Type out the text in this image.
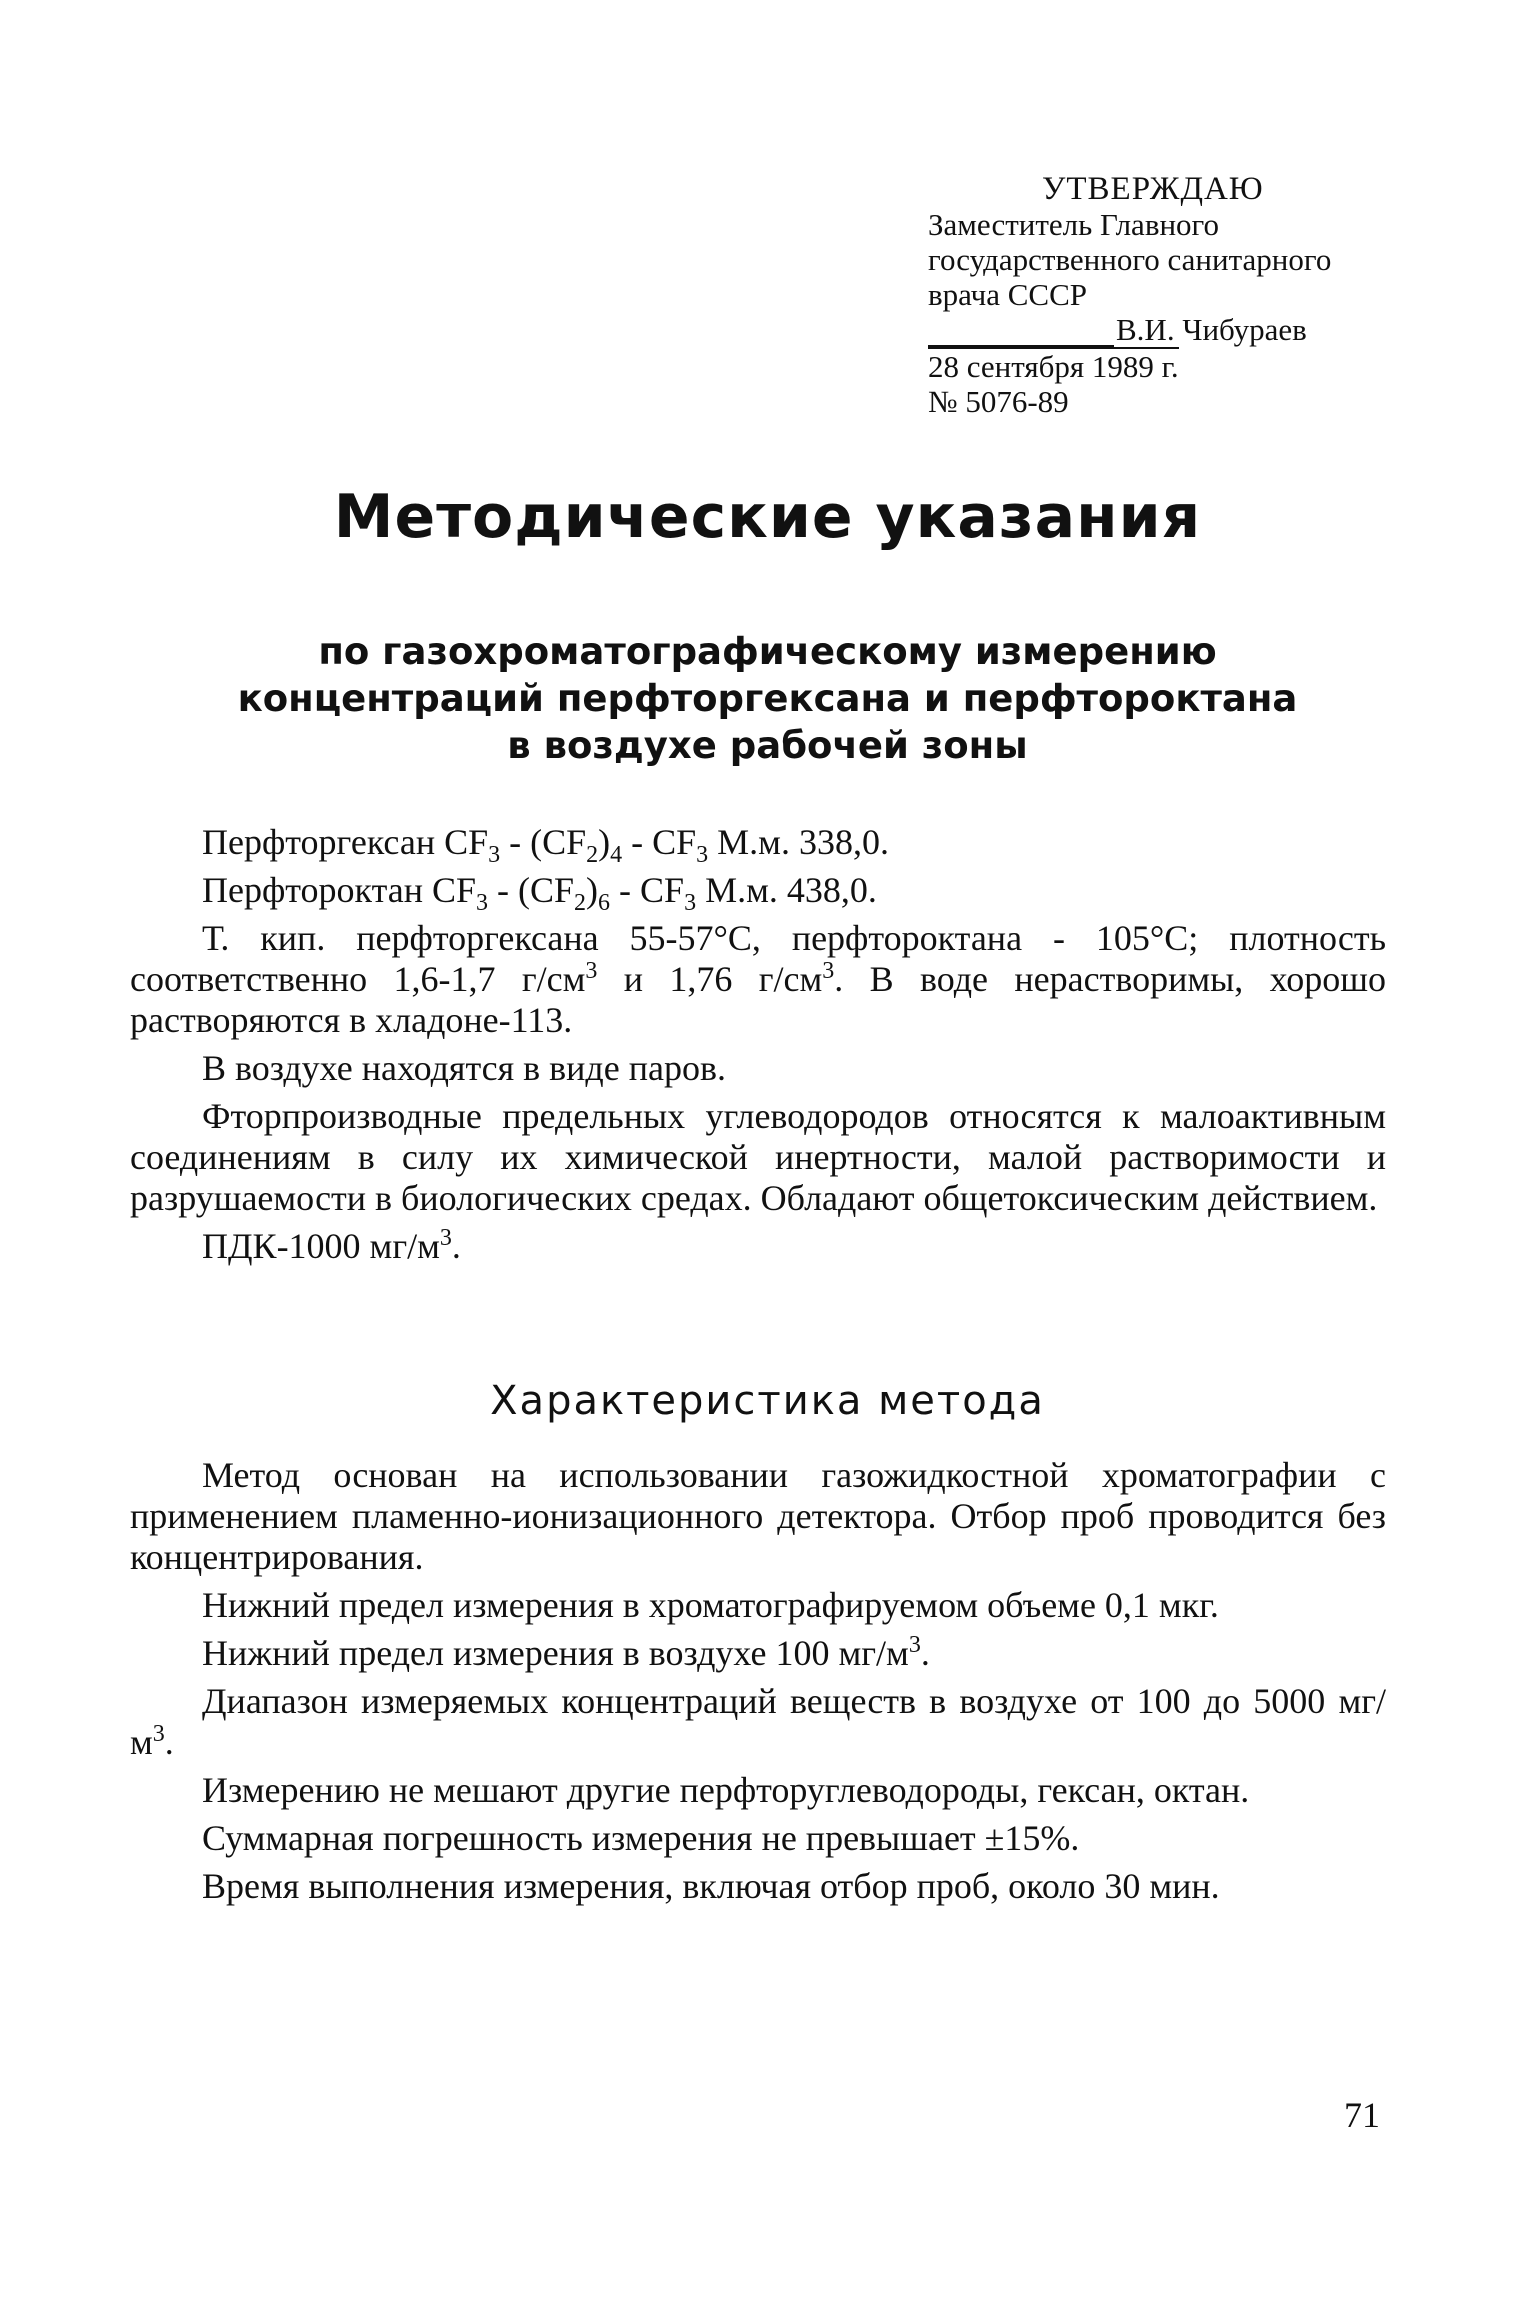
УТВЕРЖДАЮ
Заместитель Главного
государственного санитарного
врача СССР
В.И. Чибураев
28 сентября 1989 г.
№ 5076-89
Методические указания
по газохроматографическому измерению
концентраций перфторгексана и перфтороктана
в воздухе рабочей зоны

Перфторгексан $CF_3 - (CF_2)_4 - CF_3$ М.м. 338,0.

Перфтороктан $CF_3 - (CF_2)_6 - CF_3$ М.м. 438,0.

Т. кип. перфторгексана 55-57°С, перфтороктана - 105°С; плотность соответственно 1,6-1,7 $г/см^3$ и 1,76 $г/см^3$. В воде нерастворимы, хорошо растворяются в хладоне-113.

В воздухе находятся в виде паров.

Фторпроизводные предельных углеводородов относятся к малоактивным соединениям в силу их химической инертности, малой растворимости и разрушаемости в биологических средах. Обладают общетоксическим действием.

ПДК-1000 $мг/м^3$.

Характеристика метода

Метод основан на использовании газожидкостной хроматографии с применением пламенно-ионизационного детектора. Отбор проб проводится без концентрирования.

Нижний предел измерения в хроматографируемом объеме 0,1 мкг.

Нижний предел измерения в воздухе 100 $мг/м^3$.

Диапазон измеряемых концентраций веществ в воздухе от 100 до 5000 $мг/м^3$.

Измерению не мешают другие перфторуглеводороды, гексан, октан.

Суммарная погрешность измерения не превышает ±15%.

Время выполнения измерения, включая отбор проб, около 30 мин.

71
